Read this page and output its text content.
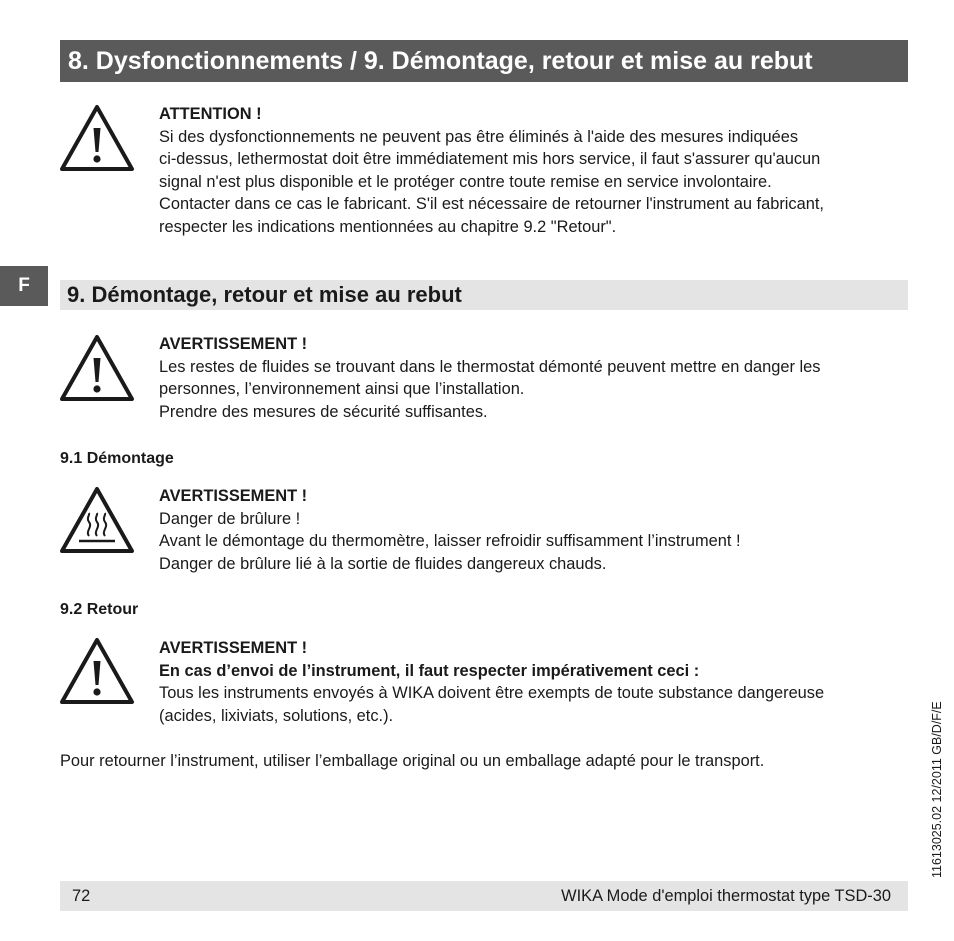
8. Dysfonctionnements / 9. Démontage, retour et mise au rebut
ATTENTION !
Si des dysfonctionnements ne peuvent pas être éliminés à l'aide des mesures indiquées
ci-dessus, lethermostat doit être immédiatement mis hors service, il faut s'assurer qu'aucun
signal n'est plus disponible et le protéger contre toute remise en service involontaire.
Contacter dans ce cas le fabricant. S'il est nécessaire de retourner l'instrument au fabricant,
respecter les indications mentionnées au chapitre 9.2 "Retour".
F	9. Démontage, retour et mise au rebut
AVERTISSEMENT !
Les restes de fluides se trouvant dans le thermostat démonté peuvent mettre en danger les
personnes, l’environnement ainsi que l’installation.
Prendre des mesures de sécurité suffisantes.
9.1 Démontage
AVERTISSEMENT !
Danger de brûlure !
Avant le démontage du thermomètre, laisser refroidir suffisamment l’instrument !
Danger de brûlure lié à la sortie de fluides dangereux chauds.
9.2 Retour
AVERTISSEMENT !
En cas d’envoi de l’instrument, il faut respecter impérativement ceci :
Tous les instruments envoyés à WIKA doivent être exempts de toute substance dangereuse
(acides, lixiviats, solutions, etc.).
Pour retourner l’instrument, utiliser l’emballage original ou un emballage adapté pour le transport.
72	WIKA Mode d'emploi thermostat type TSD-30
11613025.02 12/2011 GB/D/F/E
